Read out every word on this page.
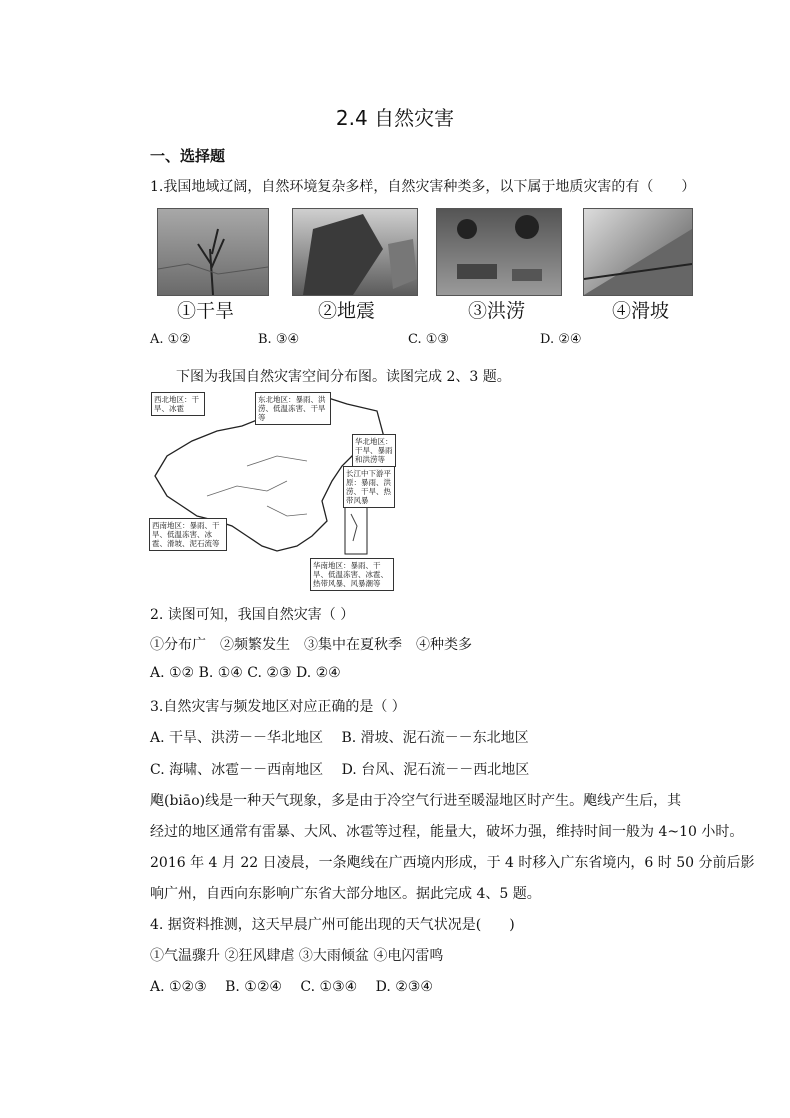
2.4 自然灾害
一、选择题
1.我国地域辽阔，自然环境复杂多样，自然灾害种类多，以下属于地质灾害的有（　　）
①干旱	②地震	③洪涝	④滑坡
A. ①②	B. ③④	C. ①③	D. ②④
下图为我国自然灾害空间分布图。读图完成 2、3 题。
西北地区：干旱、冰雹
东北地区：暴雨、洪涝、低温冻害、干旱等
华北地区：干旱、暴雨和洪涝等
长江中下游平原：暴雨、洪涝、干旱、热带风暴
西南地区：暴雨、干旱、低温冻害、冰雹、滑坡、泥石流等
华南地区：暴雨、干旱、低温冻害、冰雹、热带风暴、风暴潮等
2. 读图可知，我国自然灾害（ ）
①分布广　②频繁发生　③集中在夏秋季　④种类多
A. ①② B. ①④ C. ②③ D. ②④
3.自然灾害与频发地区对应正确的是（ ）
A. 干旱、洪涝－－华北地区　 B. 滑坡、泥石流－－东北地区
C. 海啸、冰雹－－西南地区　 D. 台风、泥石流－－西北地区
飑(biāo)线是一种天气现象，多是由于冷空气行进至暖湿地区时产生。飑线产生后，其
经过的地区通常有雷暴、大风、冰雹等过程，能量大，破坏力强，维持时间一般为 4~10 小时。
2016 年 4 月 22 日凌晨，一条飑线在广西境内形成，于 4 时移入广东省境内，6 时 50 分前后影
响广州，自西向东影响广东省大部分地区。据此完成 4、5 题。
4. 据资料推测，这天早晨广州可能出现的天气状况是(　　)
①气温骤升 ②狂风肆虐 ③大雨倾盆 ④电闪雷鸣
A. ①②③　 B. ①②④　 C. ①③④　 D. ②③④
